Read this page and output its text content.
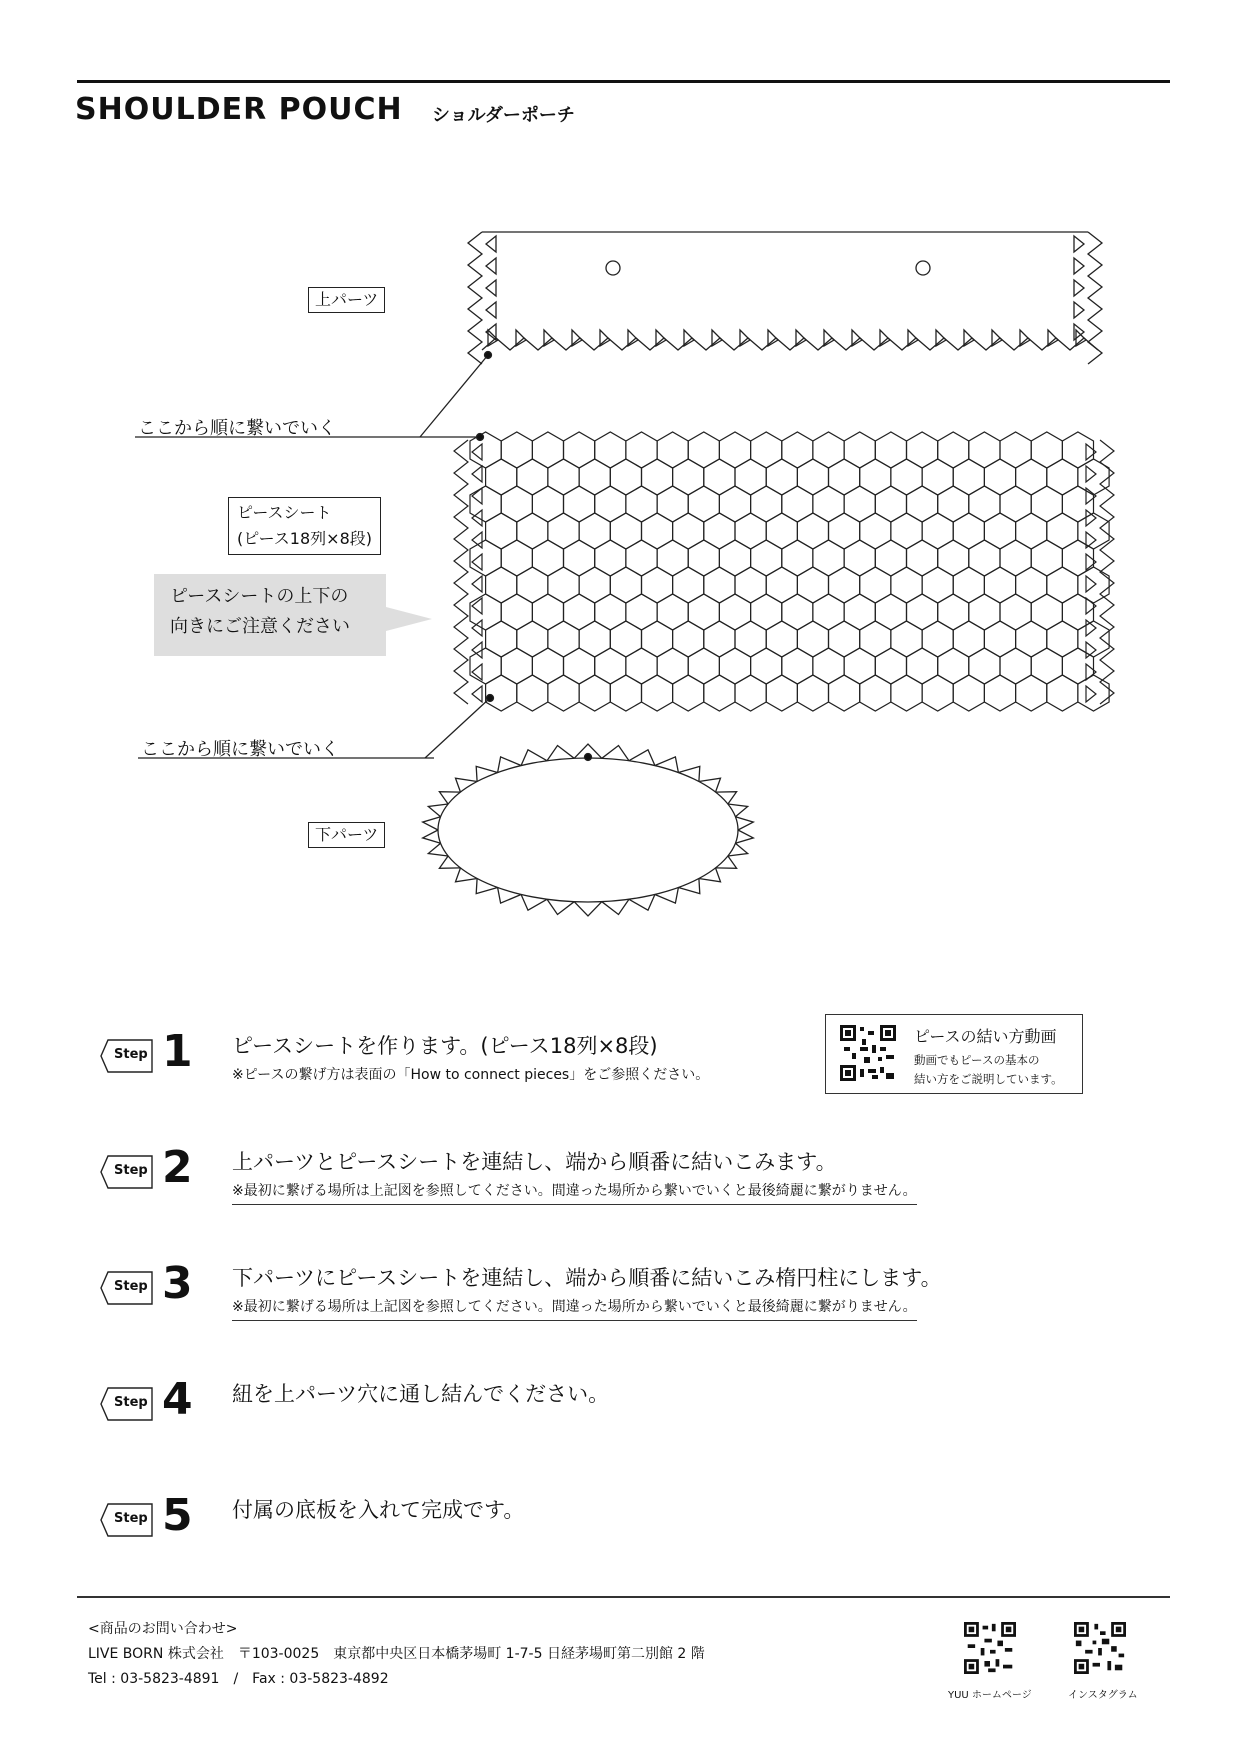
SHOULDER POUCH ショルダーポーチ
上パーツ
ここから順に繋いでいく
ピースシート
(ピース18列×8段)
ピースシートの上下の
向きにご注意ください
ここから順に繋いでいく
下パーツ
Step 1 ピースシートを作ります。(ピース18列×8段)
※ピースの繋げ方は表面の「How to connect pieces」をご参照ください。
ピースの結い方動画
動画でもピースの基本の
結い方をご説明しています。
Step 2 上パーツとピースシートを連結し、端から順番に結いこみます。
※最初に繋げる場所は上記図を参照してください。間違った場所から繋いでいくと最後綺麗に繋がりません。
Step 3 下パーツにピースシートを連結し、端から順番に結いこみ楕円柱にします。
※最初に繋げる場所は上記図を参照してください。間違った場所から繋いでいくと最後綺麗に繋がりません。
Step 4 紐を上パーツ穴に通し結んでください。
Step 5 付属の底板を入れて完成です。
<商品のお問い合わせ>
LIVE BORN 株式会社　〒103-0025　東京都中央区日本橋茅場町 1-7-5 日経茅場町第二別館 2 階
Tel : 03-5823-4891　/　Fax : 03-5823-4892
YUU ホームページ	インスタグラム
